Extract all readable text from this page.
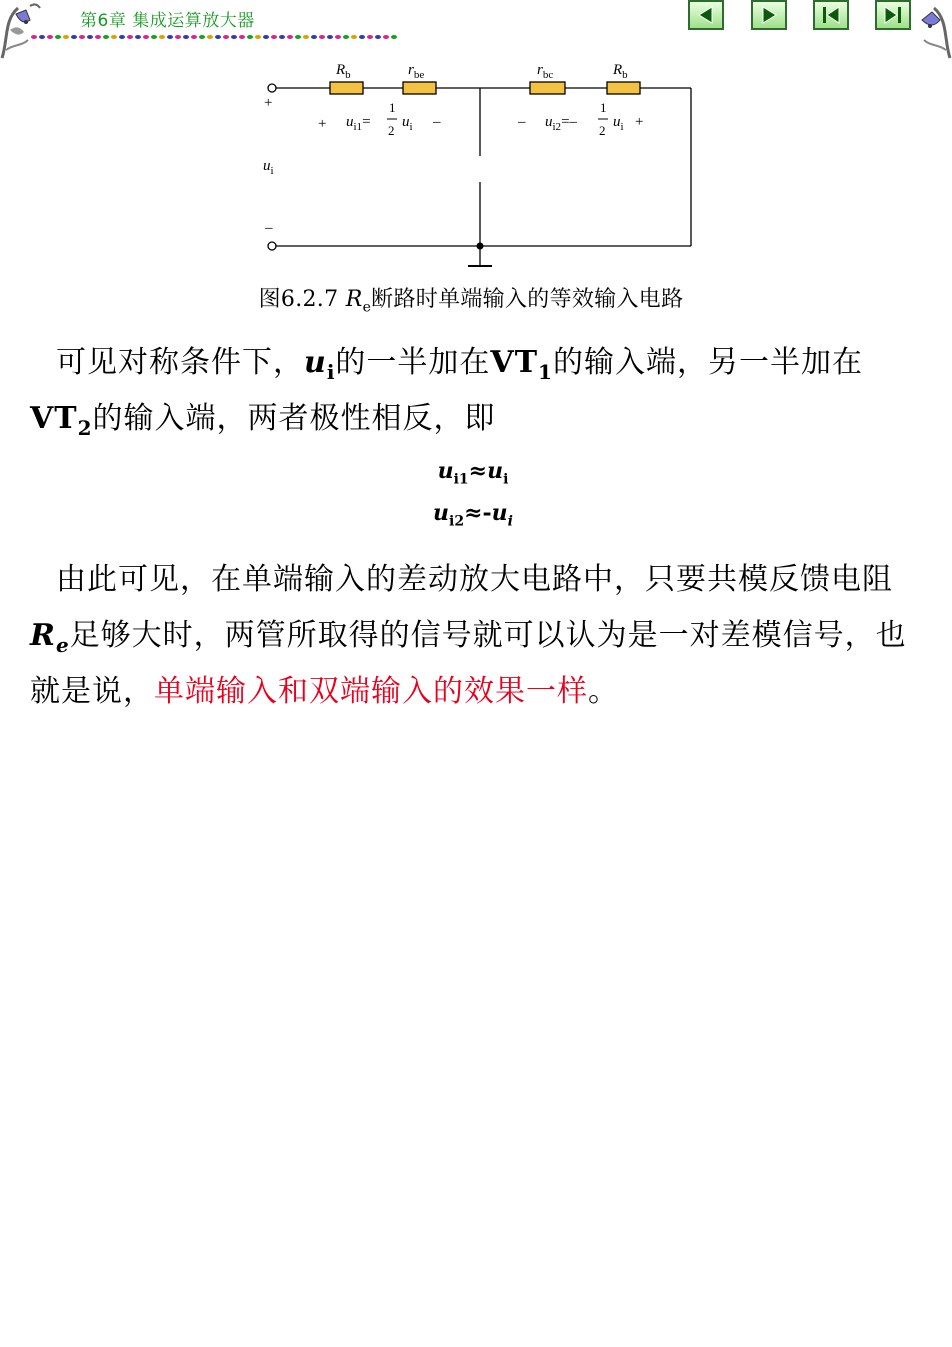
第6章 集成运算放大器
$R_b$	$r_{be}$	$r_{bc}$	$R_b$
+
–
$u_i$
+ $u_{i1}=$
1
2
$u_i$ –	– $u_{i2}=-$
1
2
$u_i$ +
图6.2.7 $R_e$断路时单端输入的等效输入电路
可见对称条件下，$u_i$的一半加在$VT_1$的输入端，另一半加在$VT_2$的输入端，两者极性相反，即
$u_{i1}\approx u_i$
$u_{i2}\approx-u_i$
由此可见，在单端输入的差动放大电路中，只要共模反馈电阻$R_e$足够大时，两管所取得的信号就可以认为是一对差模信号，也就是说，单端输入和双端输入的效果一样。
